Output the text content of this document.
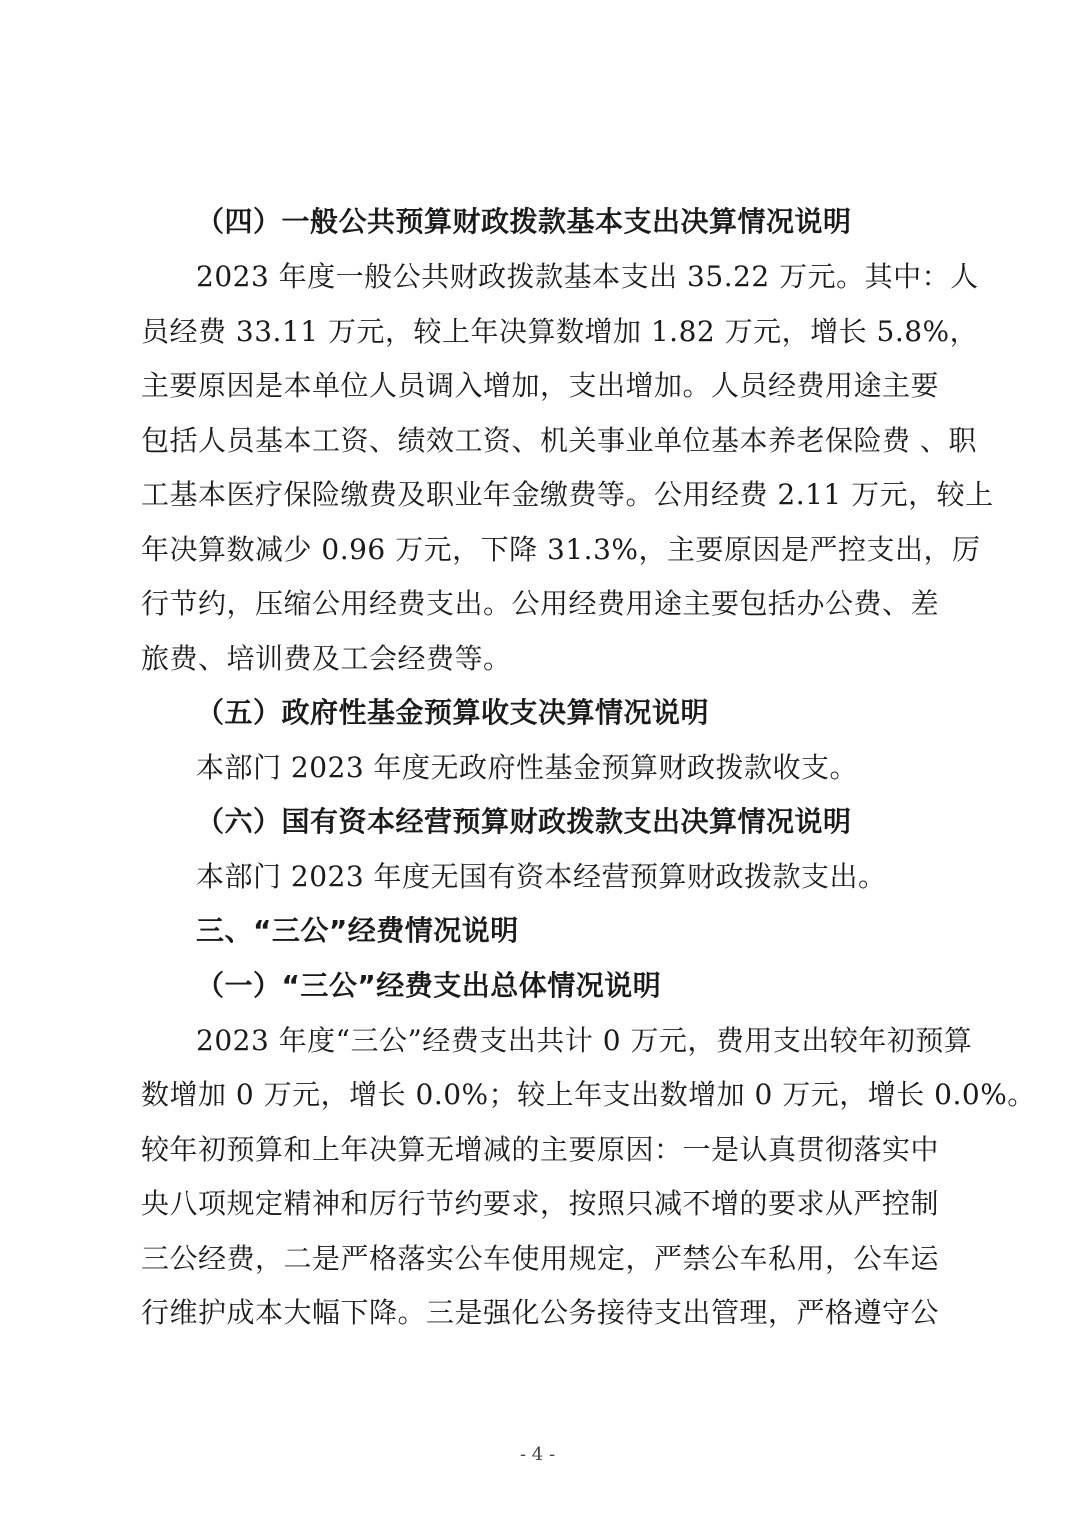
（四）一般公共预算财政拨款基本支出决算情况说明
2023 年度一般公共财政拨款基本支出 35.22 万元。其中：人
员经费 33.11 万元，较上年决算数增加 1.82 万元，增长 5.8%，
主要原因是本单位人员调入增加，支出增加。人员经费用途主要
包括人员基本工资、绩效工资、机关事业单位基本养老保险费 、职
工基本医疗保险缴费及职业年金缴费等。公用经费 2.11 万元，较上
年决算数减少 0.96 万元，下降 31.3%，主要原因是严控支出，厉
行节约，压缩公用经费支出。公用经费用途主要包括办公费、差
旅费、培训费及工会经费等。
（五）政府性基金预算收支决算情况说明
本部门 2023 年度无政府性基金预算财政拨款收支。
（六）国有资本经营预算财政拨款支出决算情况说明
本部门 2023 年度无国有资本经营预算财政拨款支出。
三、“三公”经费情况说明
（一）“三公”经费支出总体情况说明
2023 年度“三公”经费支出共计 0 万元，费用支出较年初预算
数增加 0 万元，增长 0.0%；较上年支出数增加 0 万元，增长 0.0%。
较年初预算和上年决算无增减的主要原因：一是认真贯彻落实中
央八项规定精神和厉行节约要求，按照只减不增的要求从严控制
三公经费，二是严格落实公车使用规定，严禁公车私用，公车运
行维护成本大幅下降。三是强化公务接待支出管理，严格遵守公
- 4 -
